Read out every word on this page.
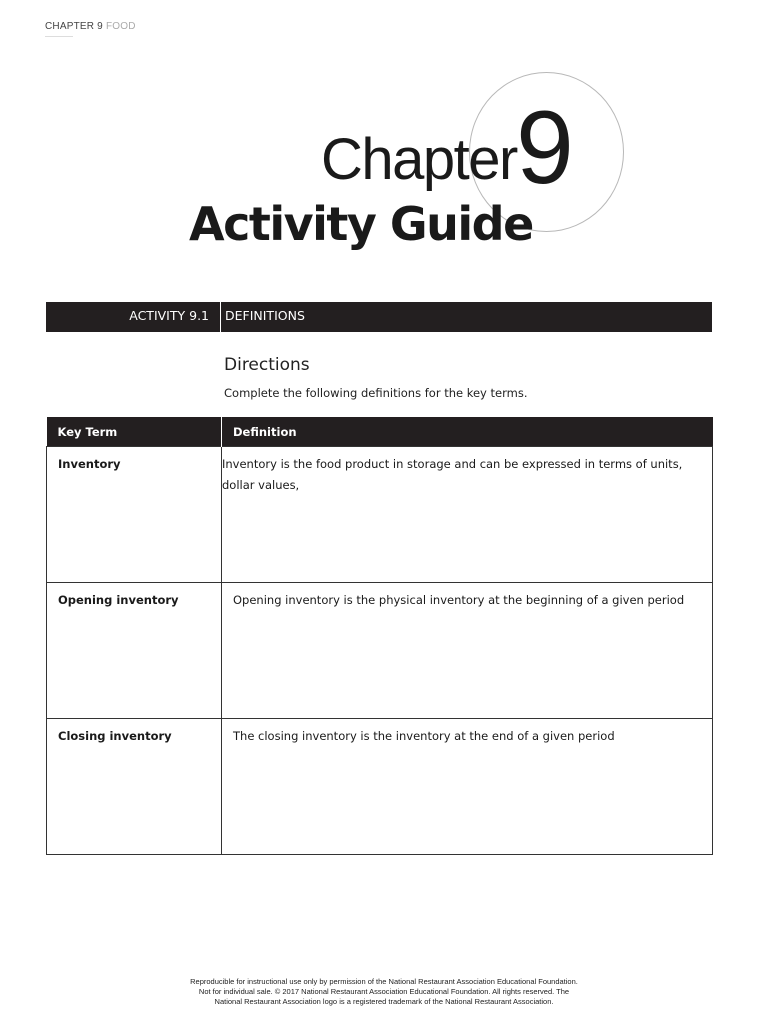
CHAPTER 9 FOOD
Chapter 9
Activity Guide
ACTIVITY 9.1 DEFINITIONS
Directions
Complete the following definitions for the key terms.
Key Term	Definition
Inventory	Inventory is the food product in storage and can be expressed in terms of units, dollar values,
Opening inventory	Opening inventory is the physical inventory at the beginning of a given period
Closing inventory	The closing inventory is the inventory at the end of a given period
Reproducible for instructional use only by permission of the National Restaurant Association Educational Foundation.
Not for individual sale. © 2017 National Restaurant Association Educational Foundation. All rights reserved. The
National Restaurant Association logo is a registered trademark of the National Restaurant Association.
